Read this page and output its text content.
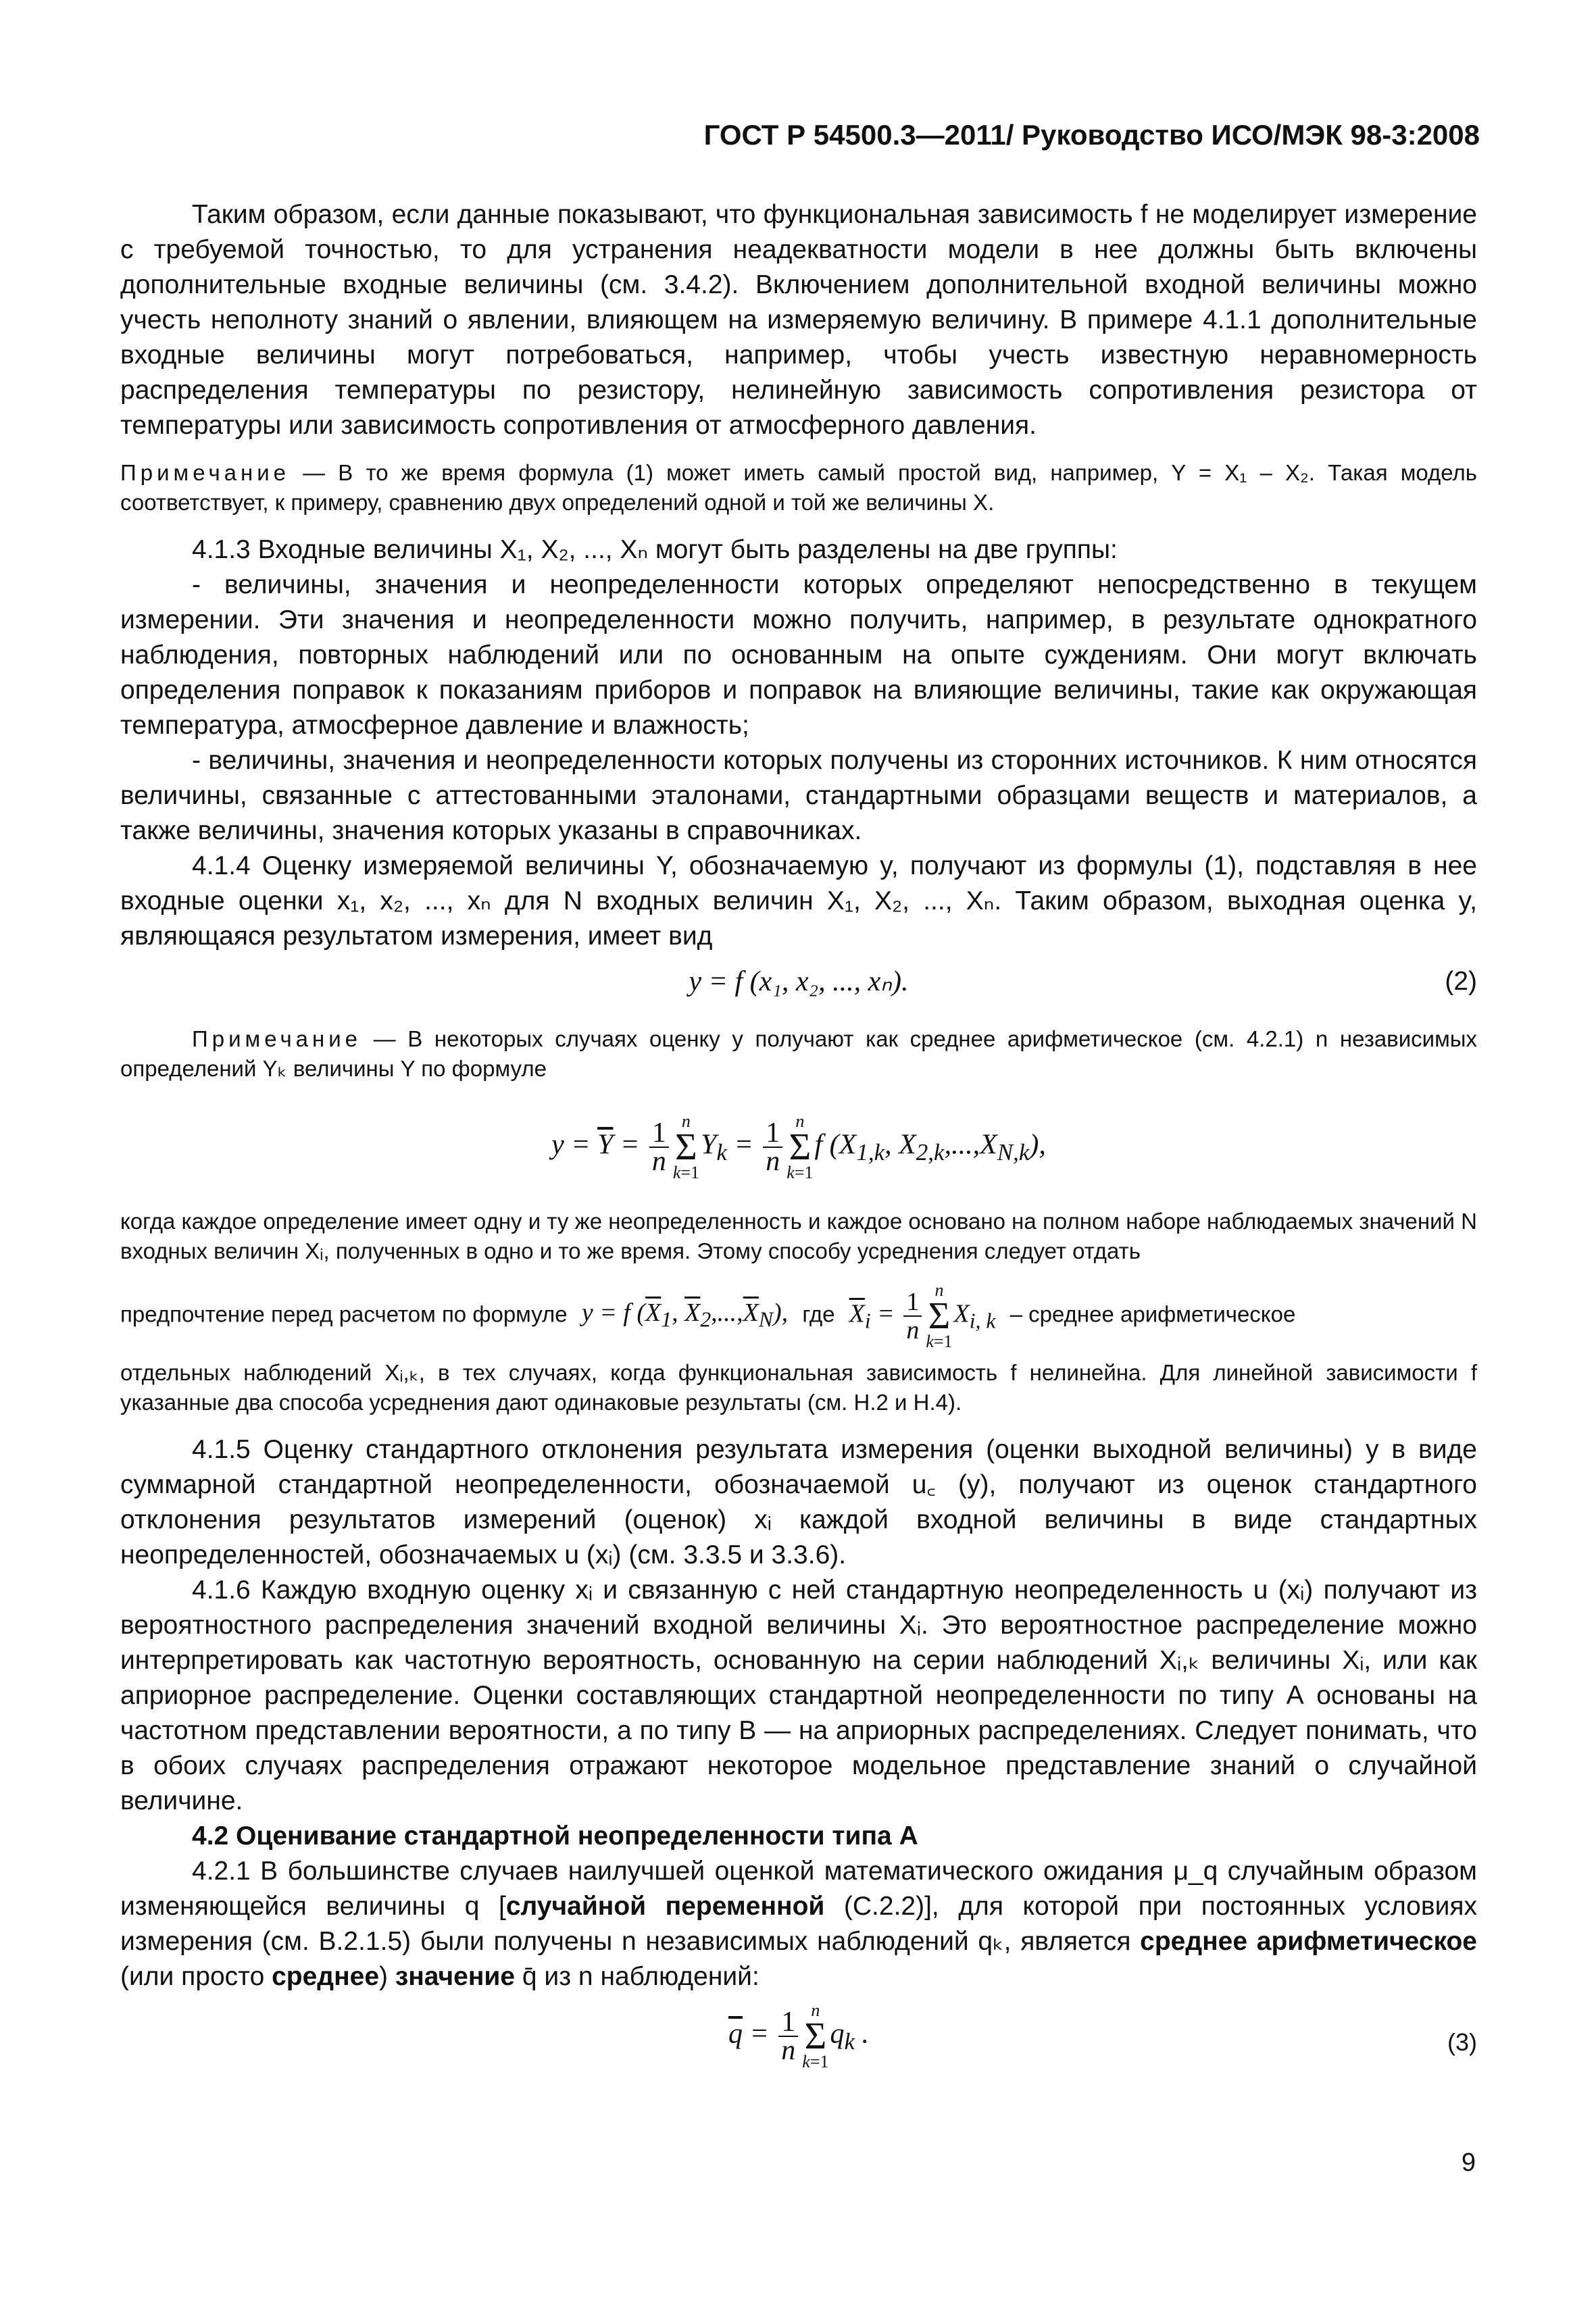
ГОСТ Р 54500.3—2011/ Руководство ИСО/МЭК 98-3:2008

Таким образом, если данные показывают, что функциональная зависимость f не моделирует измерение с требуемой точностью, то для устранения неадекватности модели в нее должны быть включены дополнительные входные величины (см. 3.4.2). Включением дополнительной входной величины можно учесть неполноту знаний о явлении, влияющем на измеряемую величину. В примере 4.1.1 дополнительные входные величины могут потребоваться, например, чтобы учесть известную неравномерность распределения температуры по резистору, нелинейную зависимость сопротивления резистора от температуры или зависимость сопротивления от атмосферного давления.

Примечание — В то же время формула (1) может иметь самый простой вид, например, Y = X₁ – X₂. Такая модель соответствует, к примеру, сравнению двух определений одной и той же величины X.

4.1.3 Входные величины X₁, X₂, ..., Xₙ могут быть разделены на две группы:

- величины, значения и неопределенности которых определяют непосредственно в текущем измерении. Эти значения и неопределенности можно получить, например, в результате однократного наблюдения, повторных наблюдений или по основанным на опыте суждениям. Они могут включать определения поправок к показаниям приборов и поправок на влияющие величины, такие как окружающая температура, атмосферное давление и влажность;

- величины, значения и неопределенности которых получены из сторонних источников. К ним относятся величины, связанные с аттестованными эталонами, стандартными образцами веществ и материалов, а также величины, значения которых указаны в справочниках.

4.1.4 Оценку измеряемой величины Y, обозначаемую y, получают из формулы (1), подставляя в нее входные оценки x₁, x₂, ..., xₙ для N входных величин X₁, X₂, ..., Xₙ. Таким образом, выходная оценка y, являющаяся результатом измерения, имеет вид

y = f (x₁, x₂, ..., xₙ).	(2)

Примечание — В некоторых случаях оценку y получают как среднее арифметическое (см. 4.2.1) n независимых определений Yₖ величины Y по формуле

$y = \overline{Y} = \frac{1}{n}$ n
Σ
k=1
$Y_k = \frac{1}{n}$ n
Σ
k=1
f ($X_{1,k}$, $X_{2,k},...,X_{N,k}$),

когда каждое определение имеет одну и ту же неопределенность и каждое основано на полном наборе наблюдаемых значений N входных величин Xᵢ, полученных в одно и то же время. Этому способу усреднения следует отдать

предпочтение перед расчетом по формуле y = f ($\overline{X}_1$, $\overline{X}_2,...,\overline{X}_N$), где $\overline{X}_i = \frac{1}{n}$ n
Σ
k=1
$X_{i, k}$ – среднее арифметическое

отдельных наблюдений Xᵢ,ₖ, в тех случаях, когда функциональная зависимость f нелинейна. Для линейной зависимости f указанные два способа усреднения дают одинаковые результаты (см. Н.2 и Н.4).

4.1.5 Оценку стандартного отклонения результата измерения (оценки выходной величины) y в виде суммарной стандартной неопределенности, обозначаемой u꜀ (y), получают из оценок стандартного отклонения результатов измерений (оценок) xᵢ каждой входной величины в виде стандартных неопределенностей, обозначаемых u (xᵢ) (см. 3.3.5 и 3.3.6).

4.1.6 Каждую входную оценку xᵢ и связанную с ней стандартную неопределенность u (xᵢ) получают из вероятностного распределения значений входной величины Xᵢ. Это вероятностное распределение можно интерпретировать как частотную вероятность, основанную на серии наблюдений Xᵢ,ₖ величины Xᵢ, или как априорное распределение. Оценки составляющих стандартной неопределенности по типу А основаны на частотном представлении вероятности, а по типу В — на априорных распределениях. Следует понимать, что в обоих случаях распределения отражают некоторое модельное представление знаний о случайной величине.

4.2 Оценивание стандартной неопределенности типа А

4.2.1 В большинстве случаев наилучшей оценкой математического ожидания μ_q случайным образом изменяющейся величины q [случайной переменной (С.2.2)], для которой при постоянных условиях измерения (см. В.2.1.5) были получены n независимых наблюдений qₖ, является среднее арифметическое (или просто среднее) значение q̄ из n наблюдений:

$\overline{q} = \frac{1}{n}$ n
Σ
k=1
$q_k$ .	(3)
9
